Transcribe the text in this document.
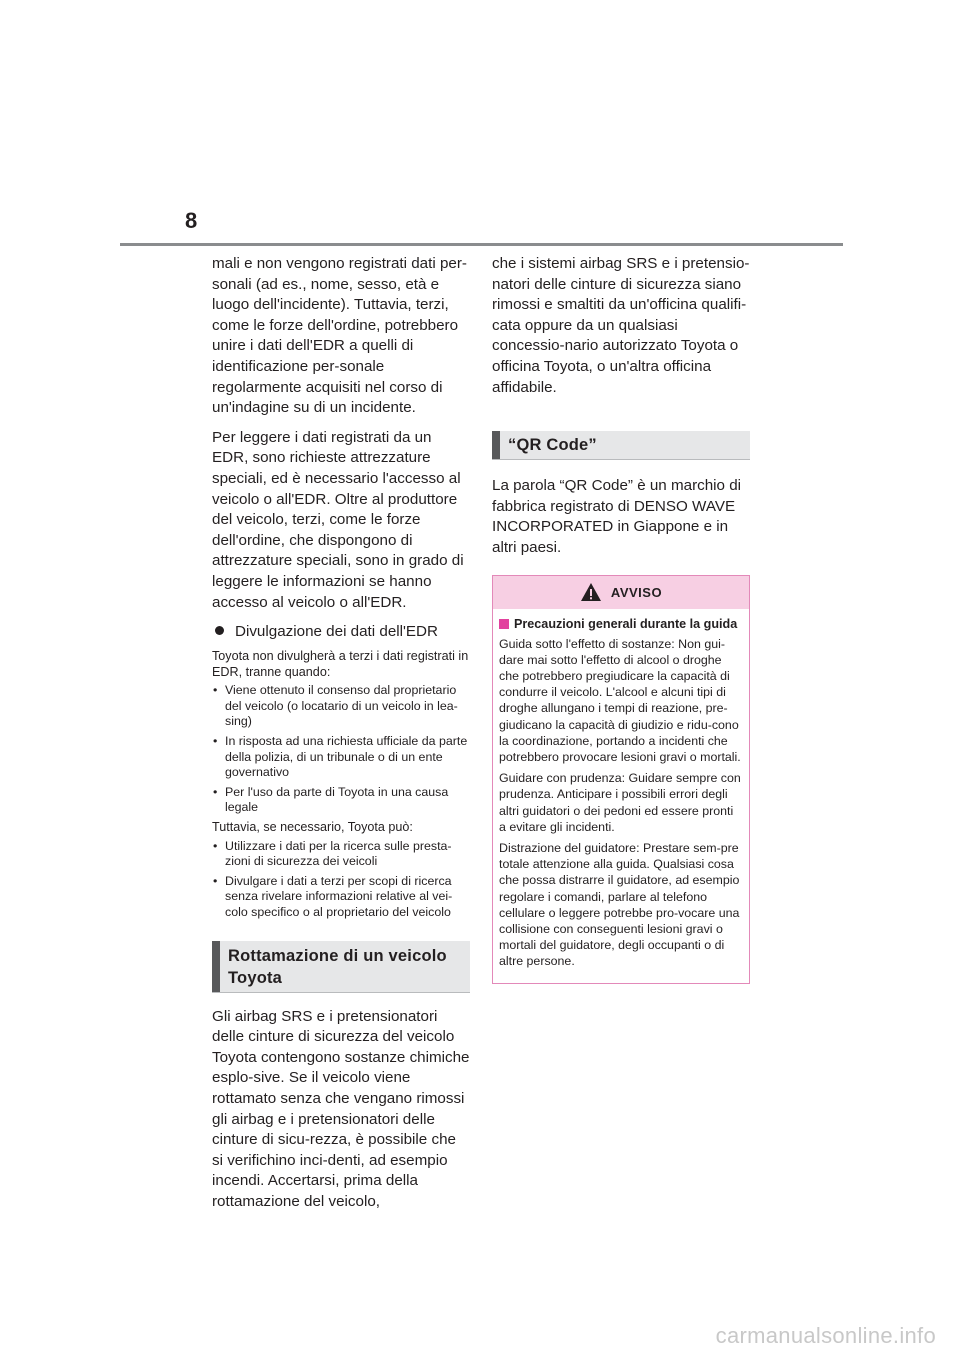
8

mali e non vengono registrati dati per-sonali (ad es., nome, sesso, età e luogo dell'incidente). Tuttavia, terzi, come le forze dell'ordine, potrebbero unire i dati dell'EDR a quelli di identificazione per-sonale regolarmente acquisiti nel corso di un'indagine su di un incidente.

Per leggere i dati registrati da un EDR, sono richieste attrezzature speciali, ed è necessario l'accesso al veicolo o all'EDR. Oltre al produttore del veicolo, terzi, come le forze dell'ordine, che dispongono di attrezzature speciali, sono in grado di leggere le informazioni se hanno accesso al veicolo o all'EDR.

Divulgazione dei dati dell'EDR

Toyota non divulgherà a terzi i dati registrati in EDR, tranne quando:

• Viene ottenuto il consenso dal proprietario del veicolo (o locatario di un veicolo in lea-sing)
• In risposta ad una richiesta ufficiale da parte della polizia, di un tribunale o di un ente governativo
• Per l'uso da parte di Toyota in una causa legale

Tuttavia, se necessario, Toyota può:

• Utilizzare i dati per la ricerca sulle presta-zioni di sicurezza dei veicoli
• Divulgare i dati a terzi per scopi di ricerca senza rivelare informazioni relative al vei-colo specifico o al proprietario del veicolo
Rottamazione di un veicolo Toyota

Gli airbag SRS e i pretensionatori delle cinture di sicurezza del veicolo Toyota contengono sostanze chimiche esplo-sive. Se il veicolo viene rottamato senza che vengano rimossi gli airbag e i pretensionatori delle cinture di sicu-rezza, è possibile che si verifichino inci-denti, ad esempio incendi. Accertarsi, prima della rottamazione del veicolo,

che i sistemi airbag SRS e i pretensio-natori delle cinture di sicurezza siano rimossi e smaltiti da un'officina qualifi-cata oppure da un qualsiasi concessio-nario autorizzato Toyota o officina Toyota, o un'altra officina affidabile.

“QR Code”

La parola “QR Code” è un marchio di fabbrica registrato di DENSO WAVE INCORPORATED in Giappone e in altri paesi.

AVVISO
Precauzioni generali durante la guida

Guida sotto l'effetto di sostanze: Non gui-dare mai sotto l'effetto di alcool o droghe che potrebbero pregiudicare la capacità di condurre il veicolo. L'alcool e alcuni tipi di droghe allungano i tempi di reazione, pre-giudicano la capacità di giudizio e ridu-cono la coordinazione, portando a incidenti che potrebbero provocare lesioni gravi o mortali.

Guidare con prudenza: Guidare sempre con prudenza. Anticipare i possibili errori degli altri guidatori o dei pedoni ed essere pronti a evitare gli incidenti.

Distrazione del guidatore: Prestare sem-pre totale attenzione alla guida. Qualsiasi cosa che possa distrarre il guidatore, ad esempio regolare i comandi, parlare al telefono cellulare o leggere potrebbe pro-vocare una collisione con conseguenti lesioni gravi o mortali del guidatore, degli occupanti o di altre persone.

carmanualsonline.info
